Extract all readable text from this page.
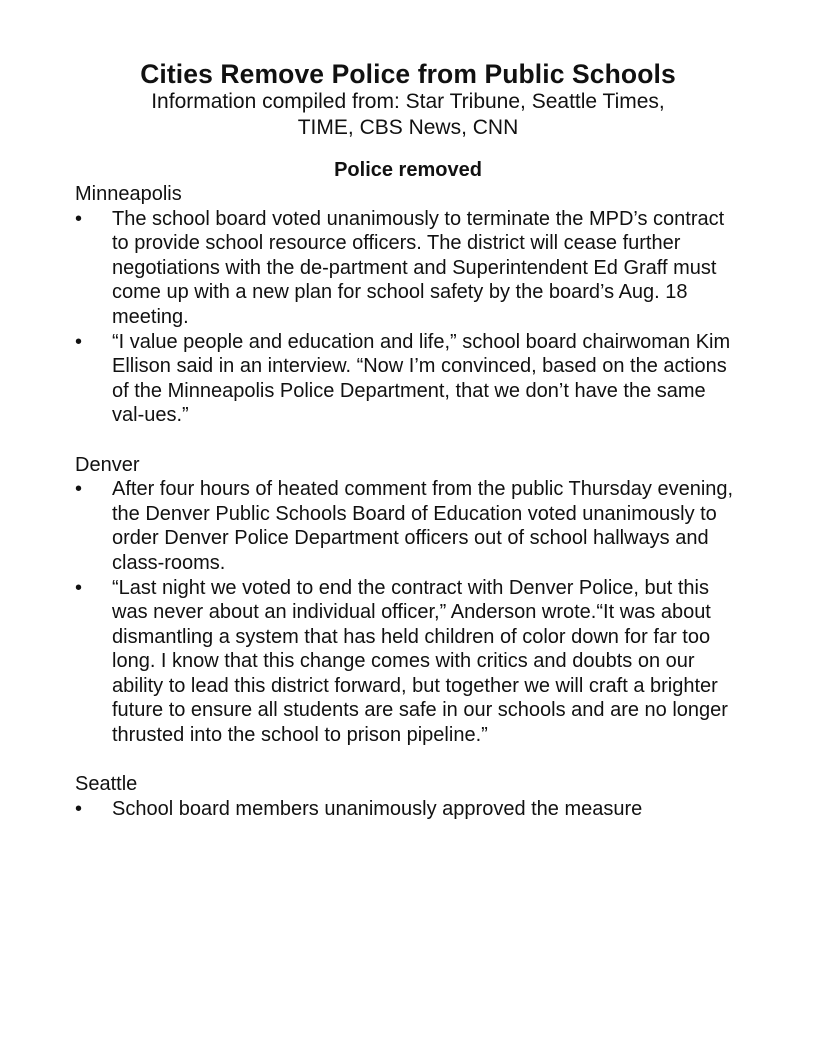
Cities Remove Police from Public Schools
Information compiled from: Star Tribune, Seattle Times,
TIME, CBS News, CNN
Police removed
Minneapolis
• The school board voted unanimously to terminate the MPD’s contract to provide school resource officers. The district will cease further negotiations with the de-partment and Superintendent Ed Graff must come up with a new plan for school safety by the board’s Aug. 18 meeting.
• “I value people and education and life,” school board chairwoman Kim Ellison said in an interview. “Now I’m convinced, based on the actions of the Minneapolis Police Department, that we don’t have the same val-ues.”
Denver
• After four hours of heated comment from the public Thursday evening, the Denver Public Schools Board of Education voted unanimously to order Denver Police Department officers out of school hallways and class-rooms.
• “Last night we voted to end the contract with Denver Police, but this was never about an individual officer,” Anderson wrote.“It was about dismantling a system that has held children of color down for far too long. I know that this change comes with critics and doubts on our ability to lead this district forward, but together we will craft a brighter future to ensure all students are safe in our schools and are no longer thrusted into the school to prison pipeline.”
Seattle
• School board members unanimously approved the measure
